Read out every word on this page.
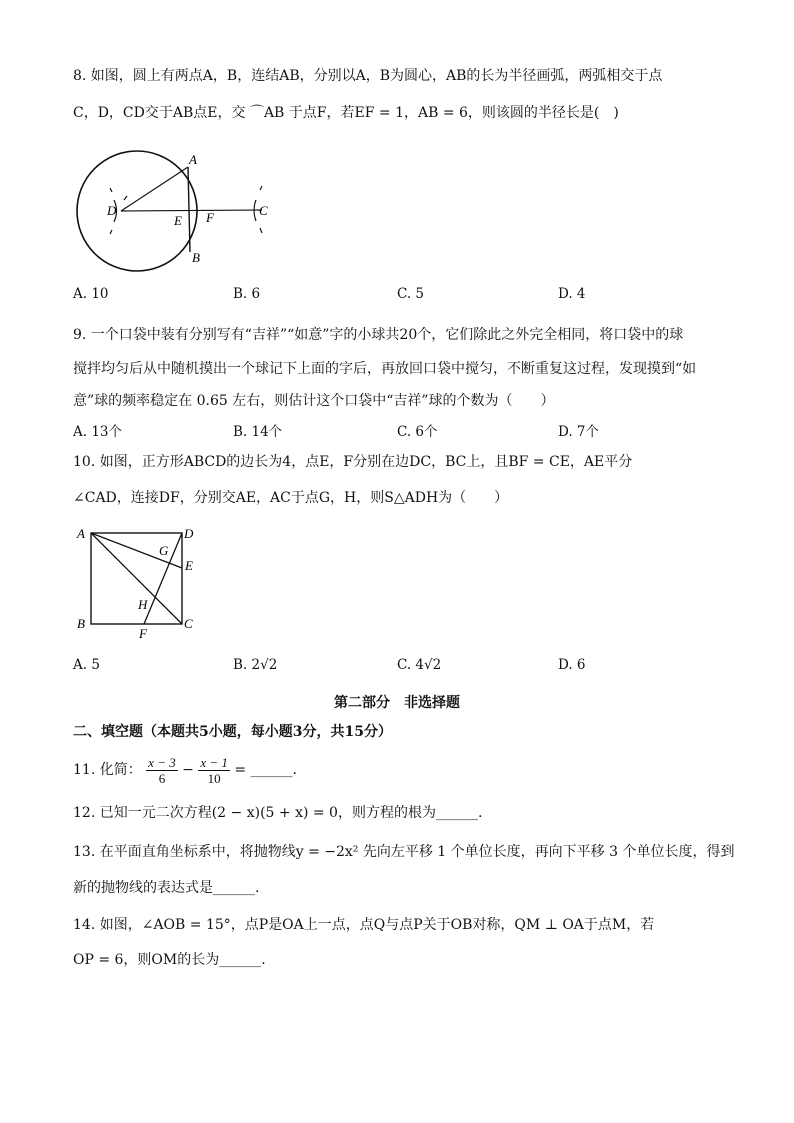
8. 如图，圆上有两点A，B，连结AB，分别以A，B为圆心，AB的长为半径画弧，两弧相交于点
C，D，CD交于AB点E，交 ⌒AB 于点F，若EF = 1，AB = 6，则该圆的半径长是(　)
A
B
C
D
E F
A. 10	B. 6	C. 5	D. 4
9. 一个口袋中装有分别写有“吉祥”“如意”字的小球共20个，它们除此之外完全相同，将口袋中的球
搅拌均匀后从中随机摸出一个球记下上面的字后，再放回口袋中搅匀，不断重复这过程，发现摸到“如
意”球的频率稳定在 0.65 左右，则估计这个口袋中“吉祥”球的个数为（　　）
A. 13个	B. 14个	C. 6个	D. 7个
10. 如图，正方形ABCD的边长为4，点E，F分别在边DC，BC上，且BF = CE，AE平分
∠CAD，连接DF，分别交AE，AC于点G，H，则S△ADH为（　　）
A	D
G
E
H
B
F
C
A. 5	B. 2√2	C. 4√2	D. 6
第二部分　非选择题
二、填空题（本题共5小题，每小题3分，共15分）
11. 化简： $\frac{x - 3}{6} - \frac{x - 1}{10}$ = ______.
12. 已知一元二次方程(2 − x)(5 + x) = 0，则方程的根为______.
13. 在平面直角坐标系中，将抛物线y = −2x² 先向左平移 1 个单位长度，再向下平移 3 个单位长度，得到
新的抛物线的表达式是______.
14. 如图，∠AOB = 15°，点P是OA上一点，点Q与点P关于OB对称，QM ⊥ OA于点M，若
OP = 6，则OM的长为______.
